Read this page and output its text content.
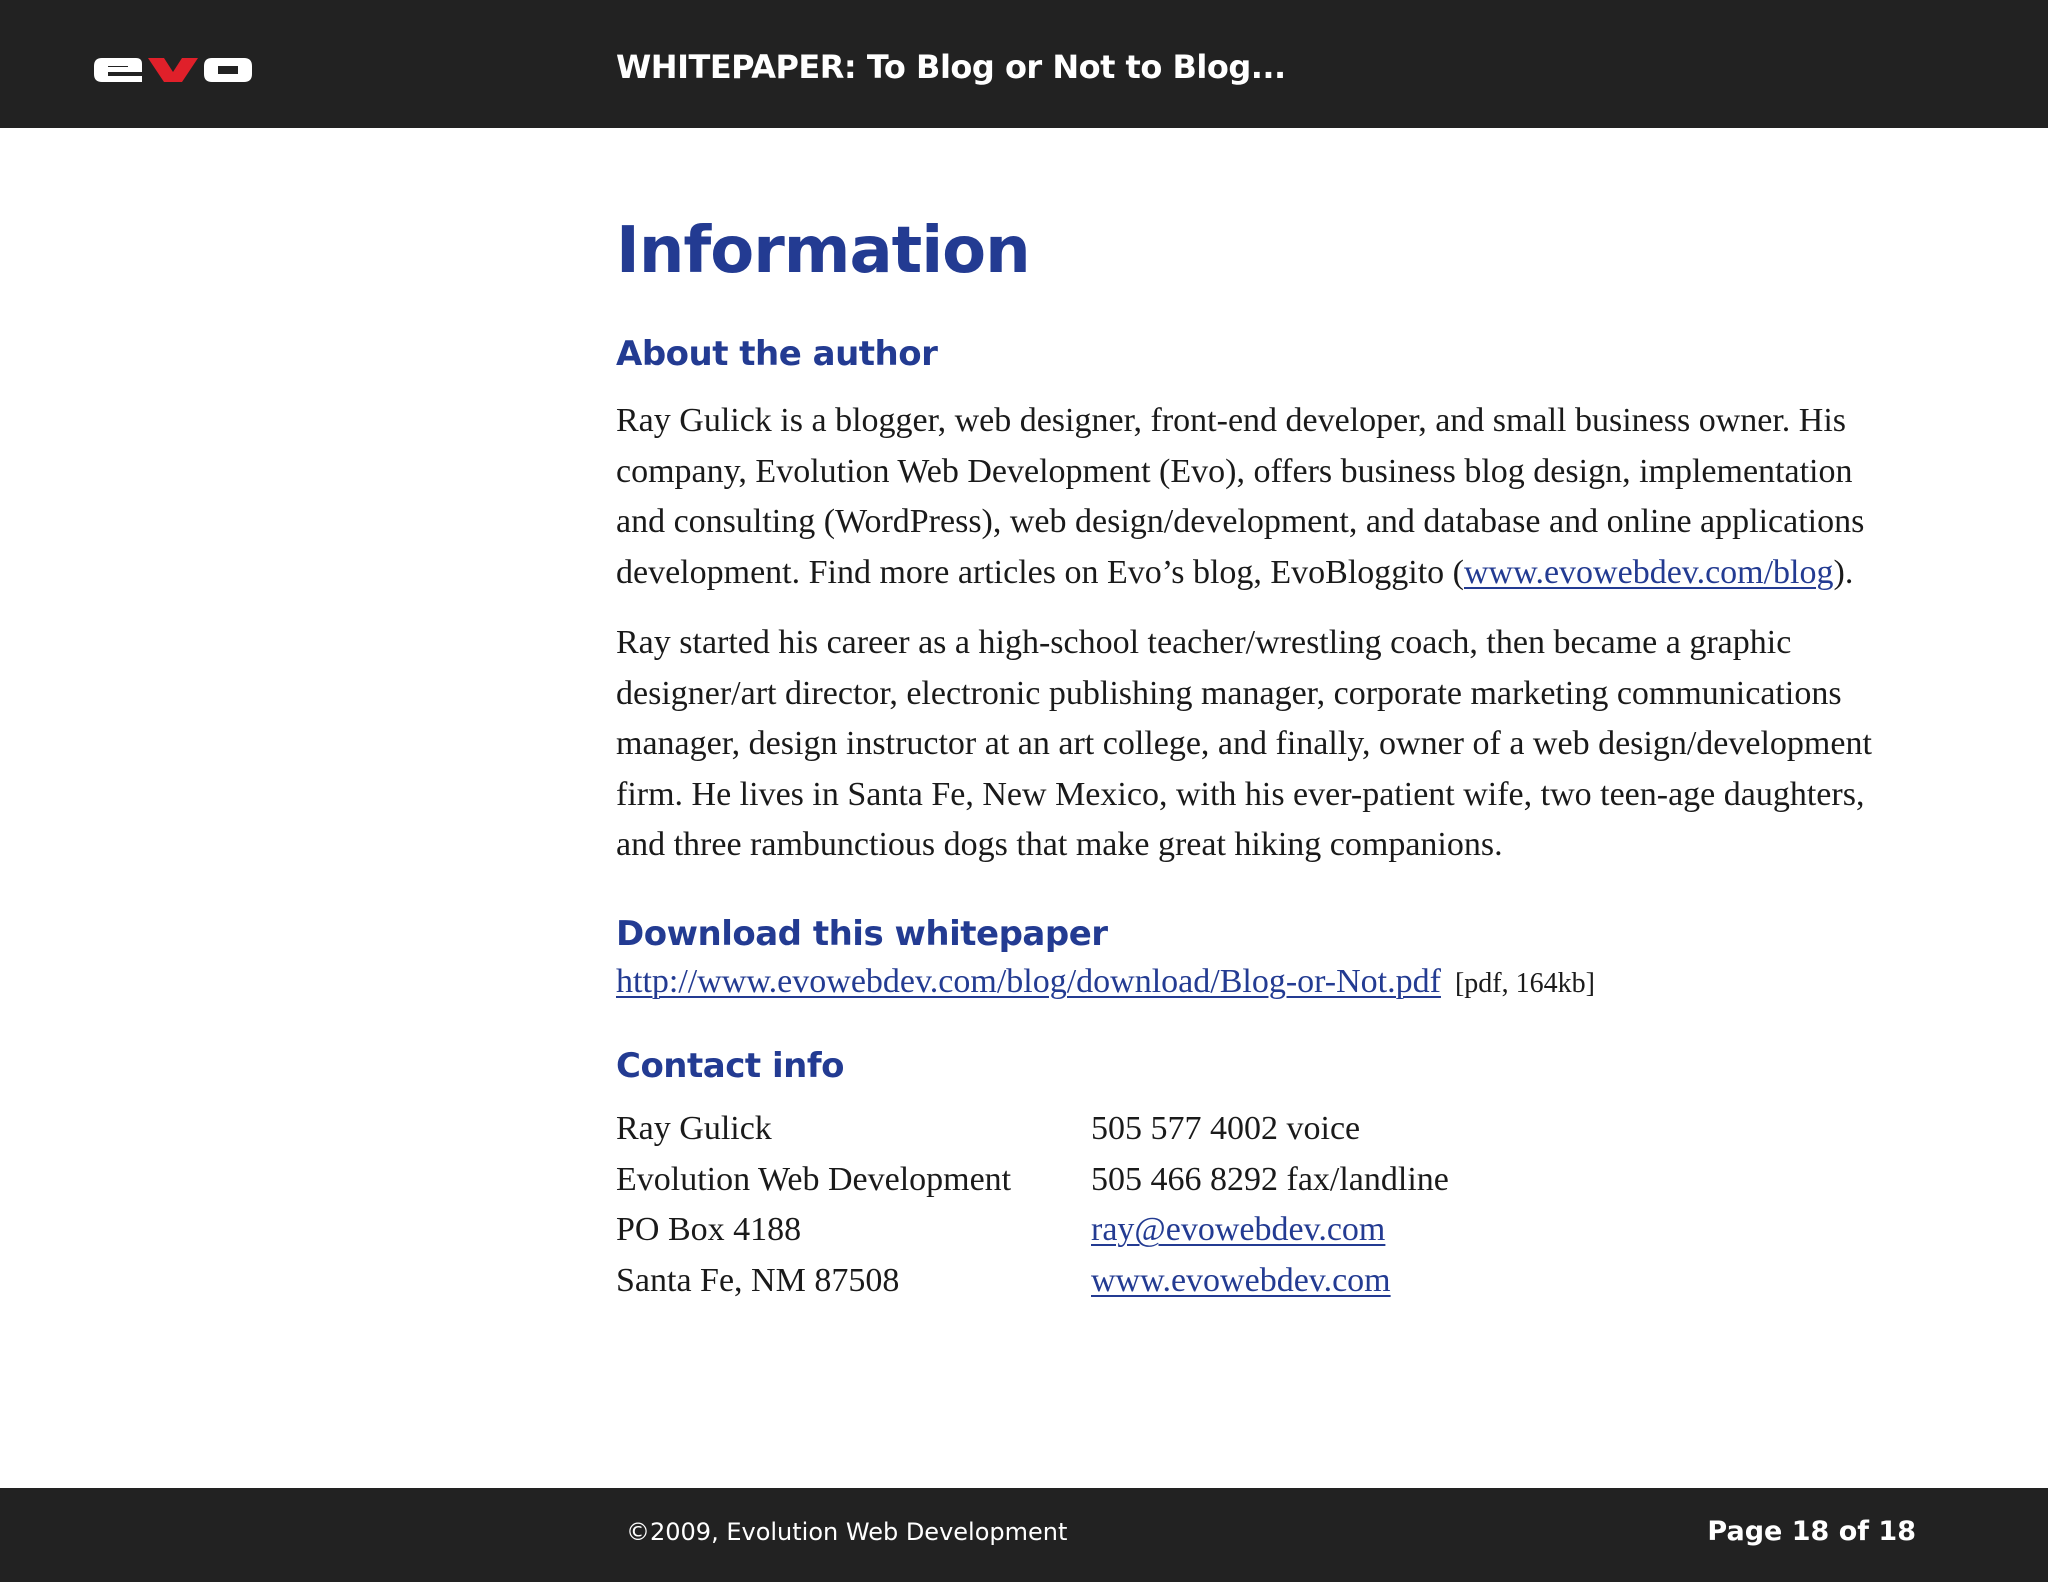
WHITEPAPER: To Blog or Not to Blog...
Information
About the author

Ray Gulick is a blogger, web designer, front-end developer, and small business owner. His company, Evolution Web Development (Evo), offers business blog design, implementation and consulting (WordPress), web design/development, and database and online applications development. Find more articles on Evo’s blog, EvoBloggito (www.evowebdev.com/blog).

Ray started his career as a high-school teacher/wrestling coach, then became a graphic designer/art director, electronic publishing manager, corporate marketing communications manager, design instructor at an art college, and finally, owner of a web design/development firm. He lives in Santa Fe, New Mexico, with his ever-patient wife, two teen-age daughters, and three rambunctious dogs that make great hiking companions.

Download this whitepaper
http://www.evowebdev.com/blog/download/Blog-or-Not.pdf [pdf, 164kb]
Contact info
Ray Gulick
Evolution Web Development
PO Box 4188
Santa Fe, NM 87508
505 577 4002 voice
505 466 8292 fax/landline
ray@evowebdev.com
www.evowebdev.com
©2009, Evolution Web Development	Page 18 of 18
